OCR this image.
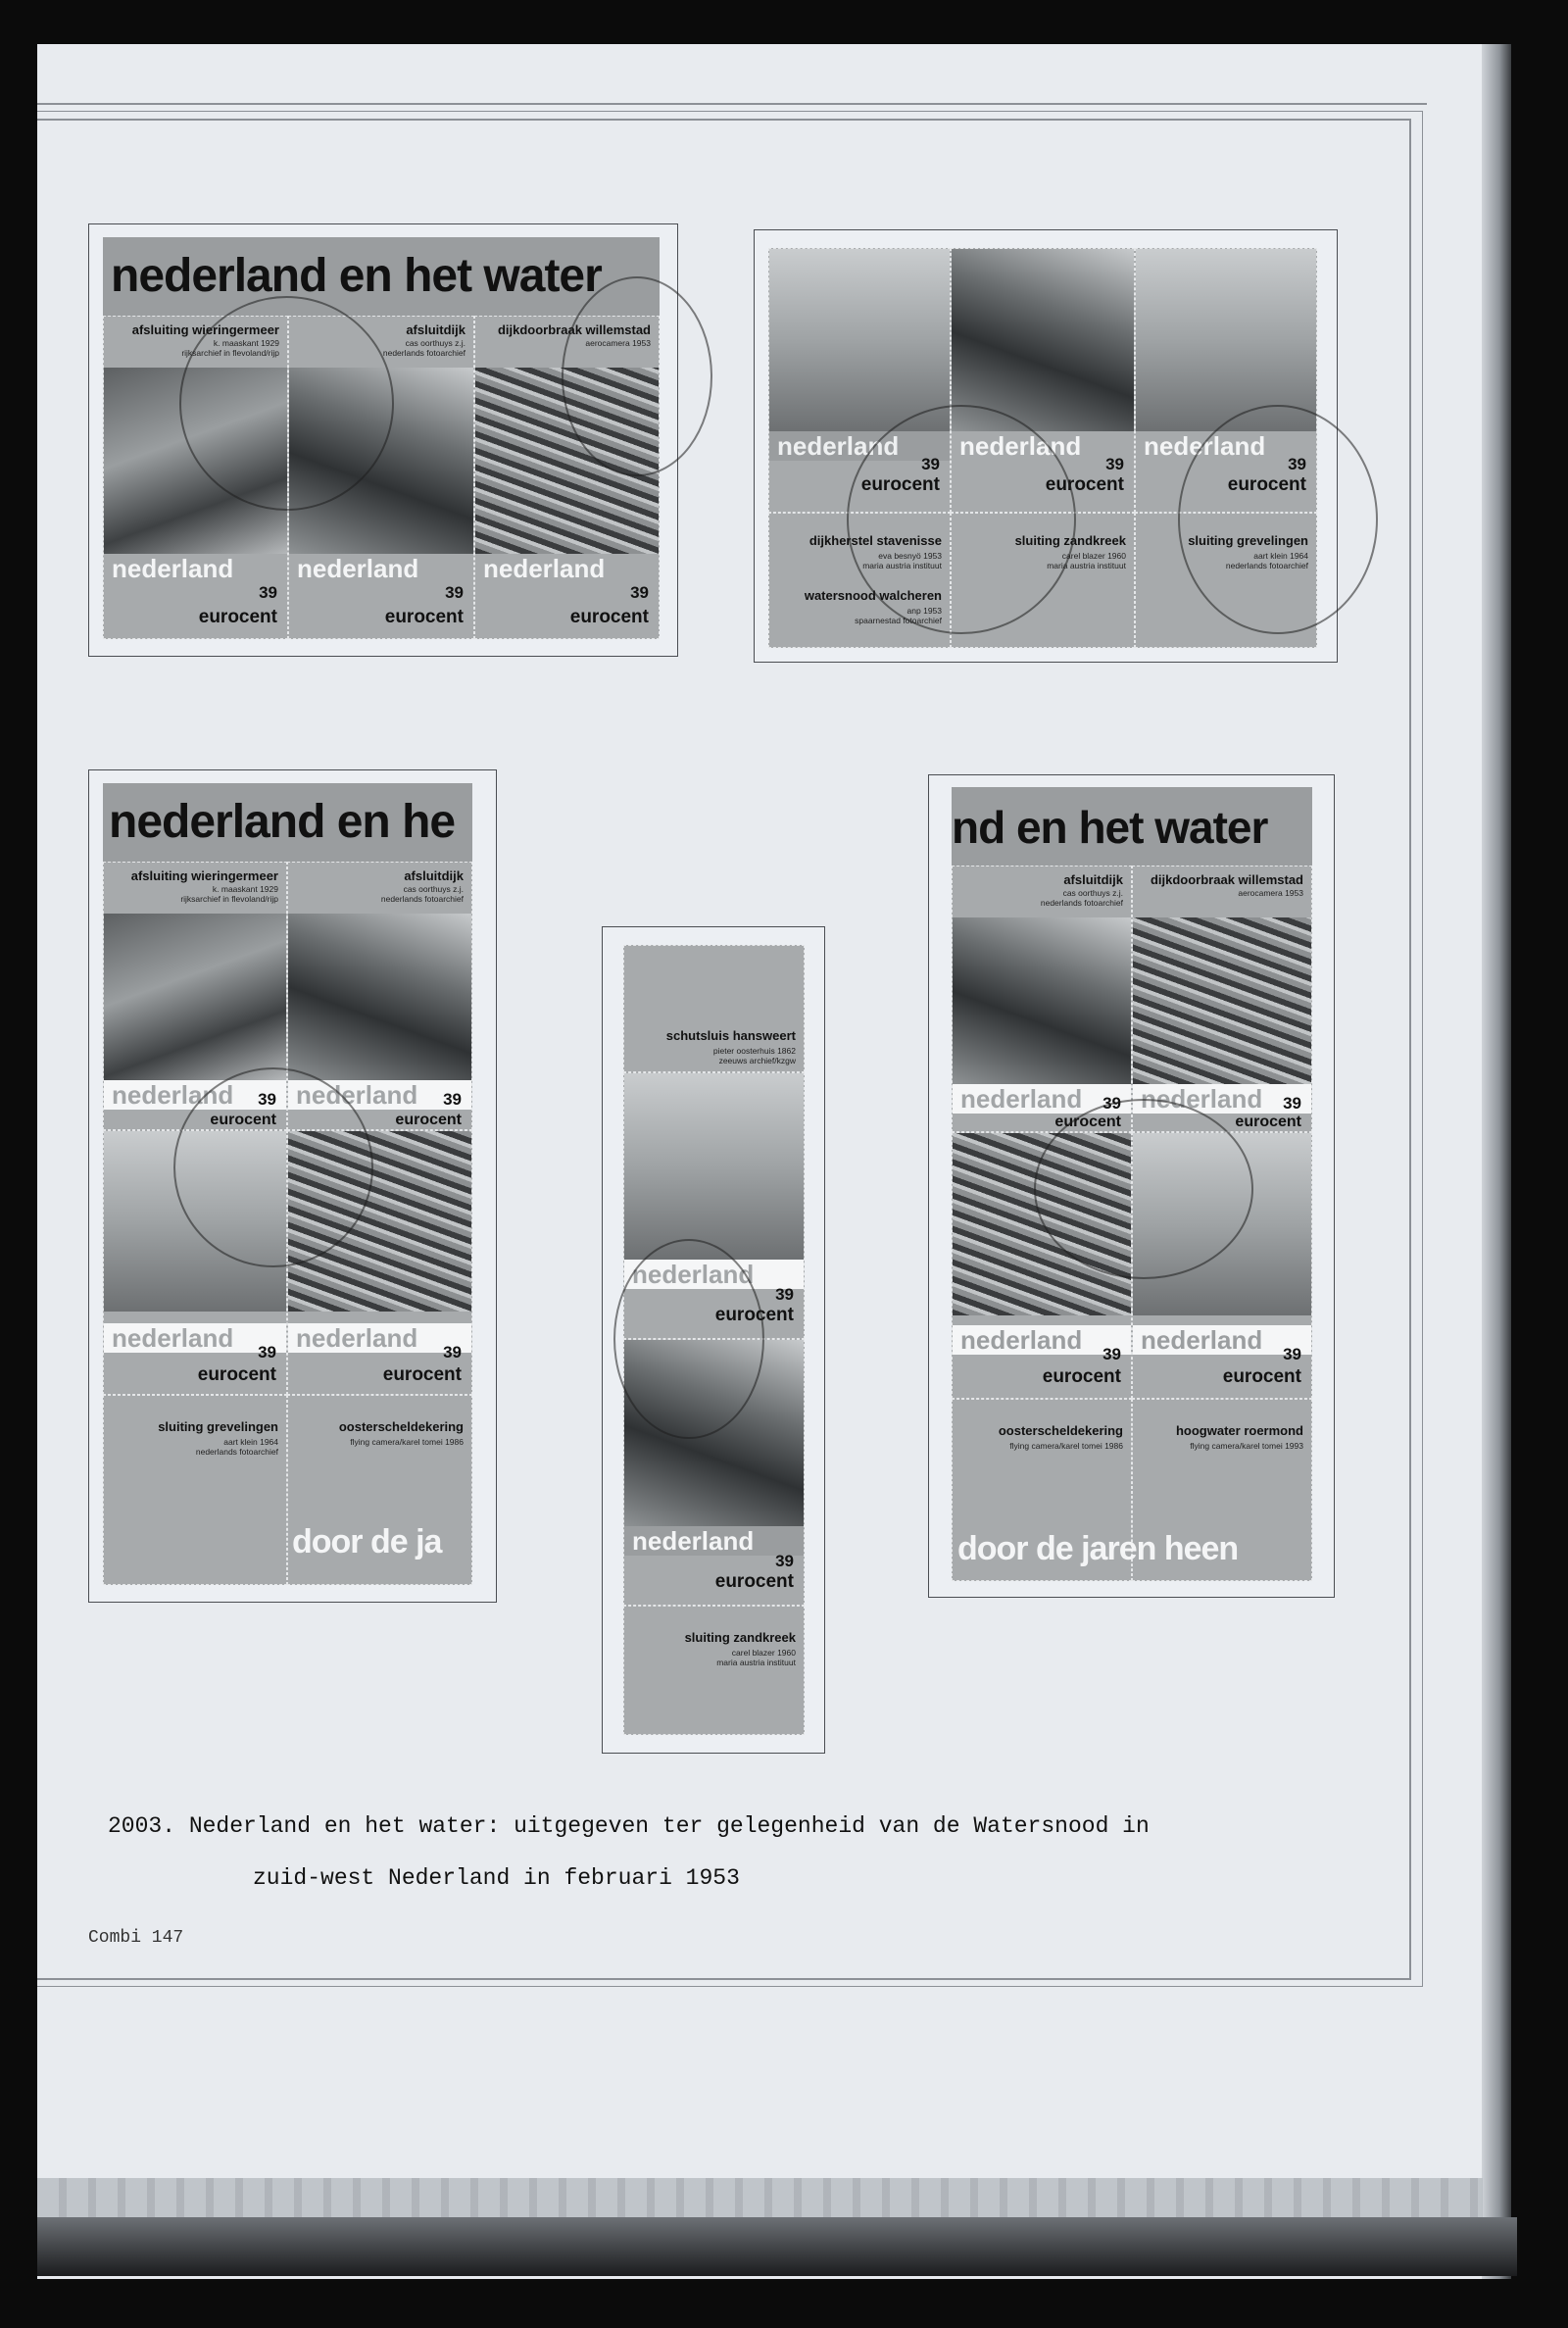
nederland en het water
afsluiting wieringermeer
k. maaskant 1929
rijksarchief in flevoland/rijp
nederland
39
eurocent
afsluitdijk
cas oorthuys z.j.
nederlands fotoarchief
nederland
39
eurocent
dijkdoorbraak willemstad
aerocamera 1953
nederland
39
eurocent
nederland
39
eurocent
nederland
39
eurocent
nederland
39
eurocent
dijkherstel stavenisse
eva besnyö 1953
maria austria instituut
watersnood walcheren
anp 1953
spaarnestad fotoarchief
sluiting zandkreek
carel blazer 1960
maria austria instituut
sluiting grevelingen
aart klein 1964
nederlands fotoarchief
nederland en he
afsluiting wieringermeer
k. maaskant 1929
rijksarchief in flevoland/rijp
nederland	39
eurocent
afsluitdijk
cas oorthuys z.j.
nederlands fotoarchief
nederland	39
eurocent
nederland	39
eurocent
nederland	39
eurocent
sluiting grevelingen
aart klein 1964
nederlands fotoarchief
oosterscheldekering
flying camera/karel tomei 1986
door de ja
schutsluis hansweert
pieter oosterhuis 1862
zeeuws archief/kzgw
nederland
39
eurocent
nederland
39
eurocent
sluiting zandkreek
carel blazer 1960
maria austria instituut
nd en het water
afsluitdijk
cas oorthuys z.j.
nederlands fotoarchief
nederland	39
eurocent
dijkdoorbraak willemstad
aerocamera 1953
nederland	39
eurocent
nederland	39
eurocent
nederland	39
eurocent
oosterscheldekering
flying camera/karel tomei 1986
hoogwater roermond
flying camera/karel tomei 1993
door de jaren heen
2003. Nederland en het water: uitgegeven ter gelegenheid van de Watersnood in
zuid-west Nederland in februari 1953
Combi 147
